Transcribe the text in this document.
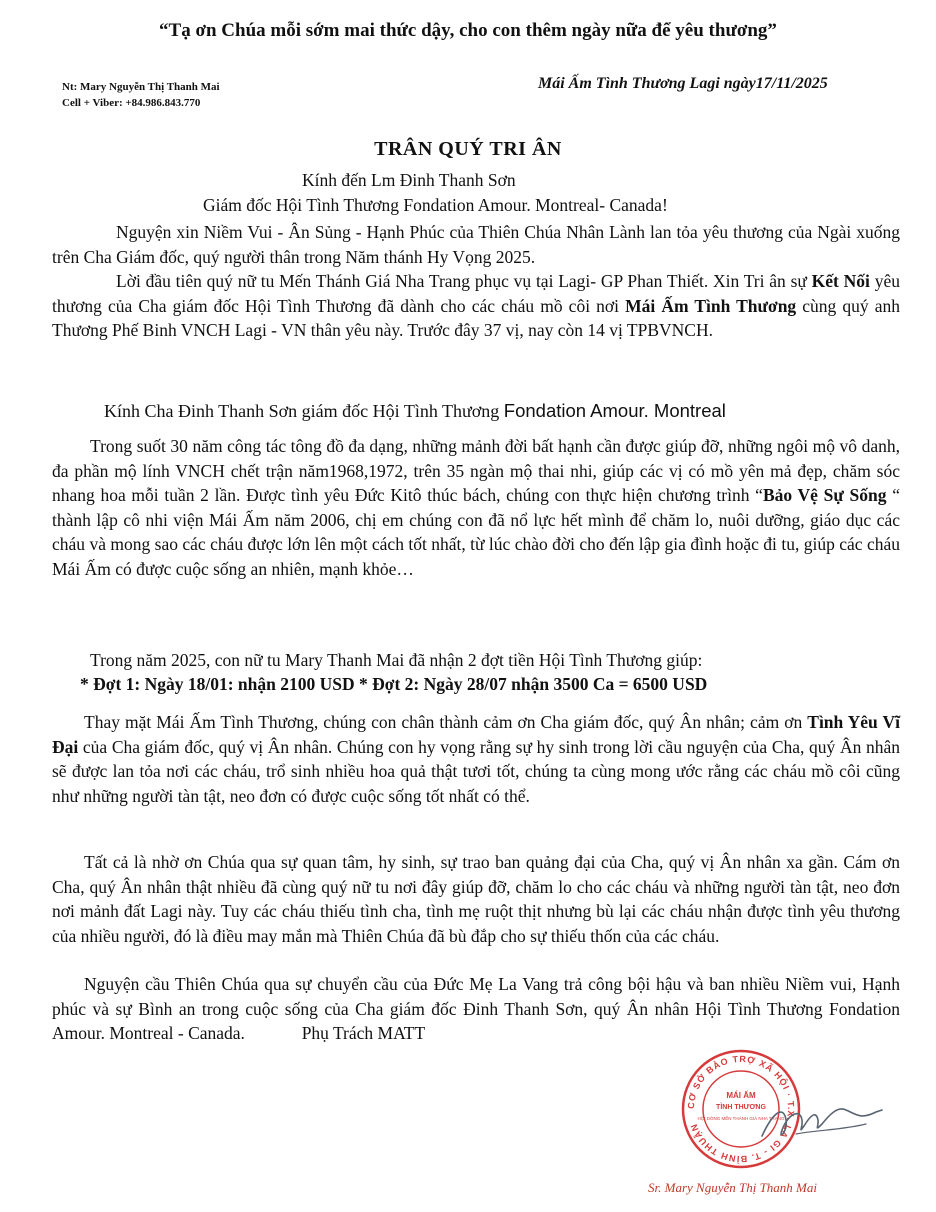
“Tạ ơn Chúa mỗi sớm mai thức dậy, cho con thêm ngày nữa để yêu thương”
Nt: Mary Nguyễn Thị Thanh Mai
Cell + Viber: +84.986.843.770
Mái Ấm Tình Thương Lagi ngày17/11/2025
TRÂN QUÝ TRI ÂN
Kính đến Lm Đinh Thanh Sơn
Giám đốc Hội Tình Thương Fondation Amour. Montreal- Canada!
Nguyện xin Niềm Vui - Ân Sủng - Hạnh Phúc của Thiên Chúa Nhân Lành lan tỏa yêu thương của Ngài xuống trên Cha Giám đốc, quý người thân trong Năm thánh Hy Vọng 2025.
Lời đầu tiên quý nữ tu Mến Thánh Giá Nha Trang phục vụ tại Lagi- GP Phan Thiết. Xin Tri ân sự Kết Nối yêu thương của Cha giám đốc Hội Tình Thương đã dành cho các cháu mồ côi nơi Mái Ấm Tình Thương cùng quý anh Thương Phế Binh VNCH Lagi - VN thân yêu này. Trước đây 37 vị, nay còn 14 vị TPBVNCH.
Kính Cha Đinh Thanh Sơn giám đốc Hội Tình Thương Fondation Amour. Montreal
Trong suốt 30 năm công tác tông đồ đa dạng, những mảnh đời bất hạnh cần được giúp đỡ, những ngôi mộ vô danh, đa phần mộ lính VNCH chết trận năm1968,1972, trên 35 ngàn mộ thai nhi, giúp các vị có mồ yên mả đẹp, chăm sóc nhang hoa mỗi tuần 2 lần. Được tình yêu Đức Kitô thúc bách, chúng con thực hiện chương trình “Bảo Vệ Sự Sống “ thành lập cô nhi viện Mái Ấm năm 2006, chị em chúng con đã nổ lực hết mình để chăm lo, nuôi dưỡng, giáo dục các cháu và mong sao các cháu được lớn lên một cách tốt nhất, từ lúc chào đời cho đến lập gia đình hoặc đi tu, giúp các cháu Mái Ấm có được cuộc sống an nhiên, mạnh khỏe…
Trong năm 2025, con nữ tu Mary Thanh Mai đã nhận 2 đợt tiền Hội Tình Thương giúp:
* Đợt 1: Ngày 18/01: nhận 2100 USD * Đợt 2: Ngày 28/07 nhận 3500 Ca = 6500 USD
Thay mặt Mái Ấm Tình Thương, chúng con chân thành cảm ơn Cha giám đốc, quý Ân nhân; cảm ơn Tình Yêu Vĩ Đại của Cha giám đốc, quý vị Ân nhân. Chúng con hy vọng rằng sự hy sinh trong lời cầu nguyện của Cha, quý Ân nhân sẽ được lan tỏa nơi các cháu, trổ sinh nhiều hoa quả thật tươi tốt, chúng ta cùng mong ước rằng các cháu mồ côi cũng như những người tàn tật, neo đơn có được cuộc sống tốt nhất có thể.
Tất cả là nhờ ơn Chúa qua sự quan tâm, hy sinh, sự trao ban quảng đại của Cha, quý vị Ân nhân xa gần. Cám ơn Cha, quý Ân nhân thật nhiều đã cùng quý nữ tu nơi đây giúp đỡ, chăm lo cho các cháu và những người tàn tật, neo đơn nơi mảnh đất Lagi này. Tuy các cháu thiếu tình cha, tình mẹ ruột thịt nhưng bù lại các cháu nhận được tình yêu thương của nhiều người, đó là điều may mắn mà Thiên Chúa đã bù đắp cho sự thiếu thốn của các cháu.
Nguyện cầu Thiên Chúa qua sự chuyển cầu của Đức Mẹ La Vang trả công bội hậu và ban nhiều Niềm vui, Hạnh phúc và sự Bình an trong cuộc sống của Cha giám đốc Đinh Thanh Sơn, quý Ân nhân Hội Tình Thương Fondation Amour. Montreal - Canada.	Phụ Trách MATT
CƠ SỞ BẢO TRỢ XÃ HỘI · T.X. LA GI - T. BÌNH THUẬN
MÁI ẤM
TÌNH THƯƠNG
HỘI DÒNG MẾN THÁNH GIÁ NHA TRANG
Sr. Mary Nguyễn Thị Thanh Mai
